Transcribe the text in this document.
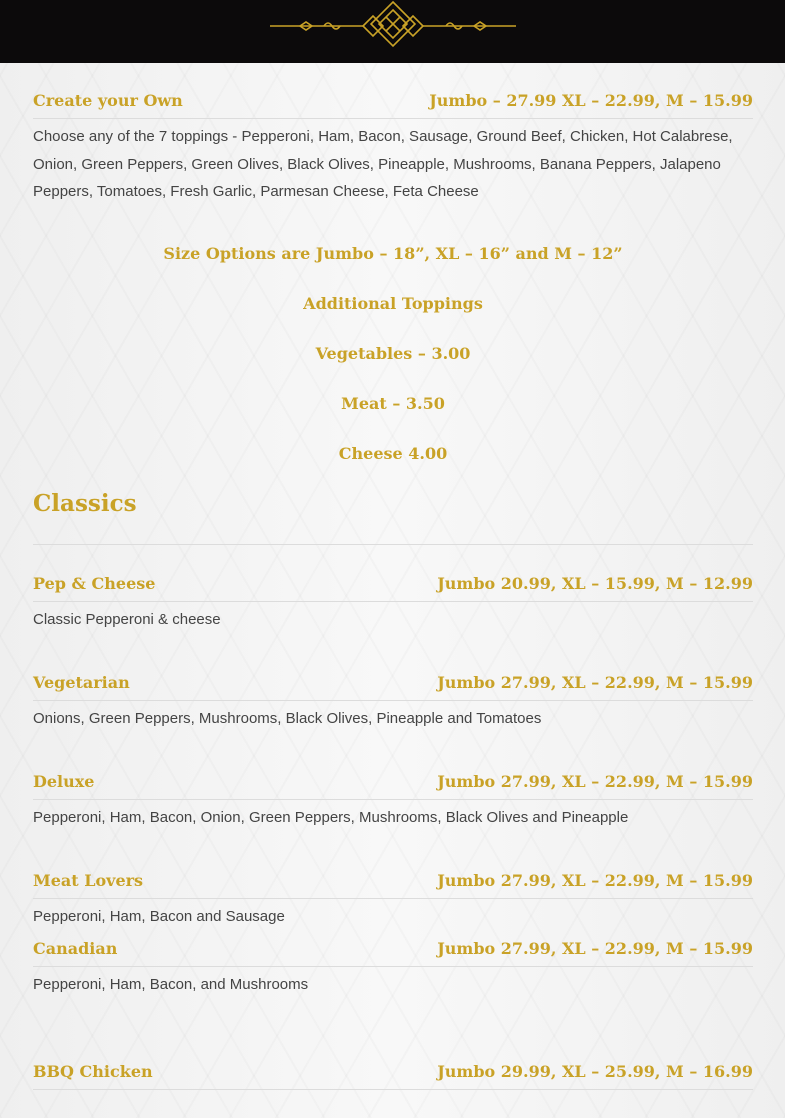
Create your Own	Jumbo – 27.99 XL – 22.99, M – 15.99
Choose any of the 7 toppings - Pepperoni, Ham, Bacon, Sausage, Ground Beef, Chicken, Hot Calabrese, Onion, Green Peppers, Green Olives, Black Olives, Pineapple, Mushrooms, Banana Peppers, Jalapeno Peppers, Tomatoes, Fresh Garlic, Parmesan Cheese, Feta Cheese
Size Options are Jumbo – 18”, XL – 16” and M – 12”
Additional Toppings
Vegetables – 3.00
Meat – 3.50
Cheese 4.00
Classics
Pep & Cheese	Jumbo 20.99, XL – 15.99, M – 12.99
Classic Pepperoni & cheese
Vegetarian	Jumbo 27.99, XL – 22.99, M – 15.99
Onions, Green Peppers, Mushrooms, Black Olives, Pineapple and Tomatoes
Deluxe	Jumbo 27.99, XL – 22.99, M – 15.99
Pepperoni, Ham, Bacon, Onion, Green Peppers, Mushrooms, Black Olives and Pineapple
Meat Lovers	Jumbo 27.99, XL – 22.99, M – 15.99
Pepperoni, Ham, Bacon and Sausage
Canadian	Jumbo 27.99, XL – 22.99, M – 15.99
Pepperoni, Ham, Bacon, and Mushrooms
BBQ Chicken	Jumbo 29.99, XL – 25.99, M – 16.99
